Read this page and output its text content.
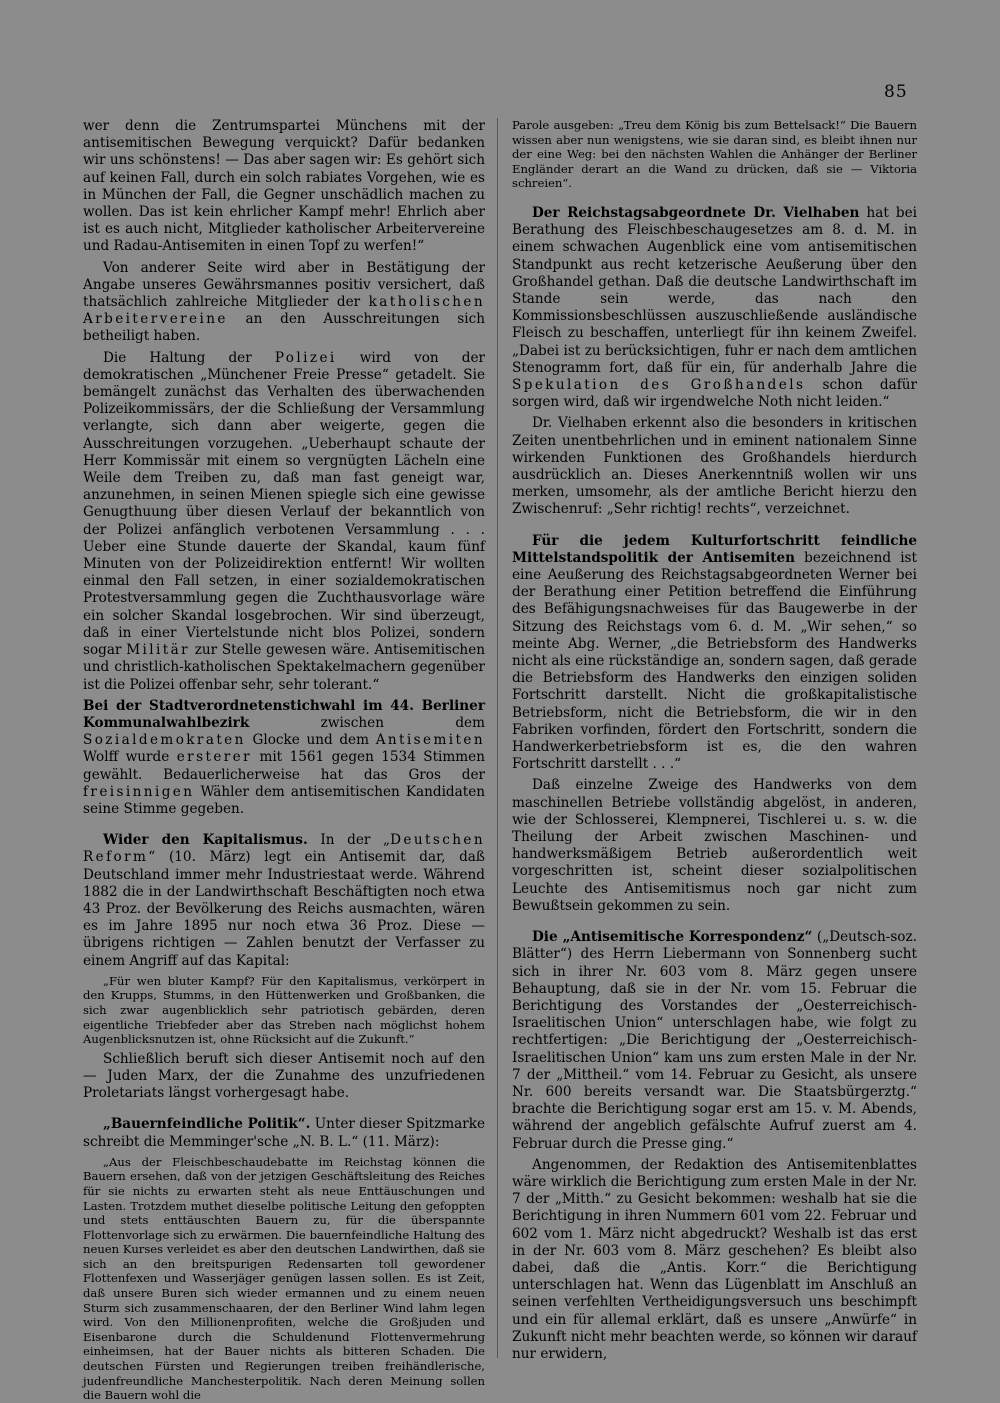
85

wer denn die Zentrumspartei Münchens mit der antisemitischen Bewegung verquickt? Dafür bedanken wir uns schönstens! — Das aber sagen wir: Es gehört sich auf keinen Fall, durch ein solch rabiates Vorgehen, wie es in München der Fall, die Gegner unschädlich machen zu wollen. Das ist kein ehrlicher Kampf mehr! Ehrlich aber ist es auch nicht, Mitglieder katholischer Arbeitervereine und Radau-Antisemiten in einen Topf zu werfen!“

Von anderer Seite wird aber in Bestätigung der Angabe unseres Gewährsmannes positiv versichert, daß thatsächlich zahlreiche Mitglieder der katholischen Arbeitervereine an den Ausschreitungen sich betheiligt haben.

Die Haltung der Polizei wird von der demokratischen „Münchener Freie Presse“ getadelt. Sie bemängelt zunächst das Verhalten des überwachenden Polizeikommissärs, der die Schließung der Versammlung verlangte, sich dann aber weigerte, gegen die Ausschreitungen vorzugehen. „Ueberhaupt schaute der Herr Kommissär mit einem so vergnügten Lächeln eine Weile dem Treiben zu, daß man fast geneigt war, anzunehmen, in seinen Mienen spiegle sich eine gewisse Genugthuung über diesen Verlauf der bekanntlich von der Polizei anfänglich verbotenen Versammlung . . . Ueber eine Stunde dauerte der Skandal, kaum fünf Minuten von der Polizeidirektion entfernt! Wir wollten einmal den Fall setzen, in einer sozialdemokratischen Protestversammlung gegen die Zuchthausvorlage wäre ein solcher Skandal losgebrochen. Wir sind überzeugt, daß in einer Viertelstunde nicht blos Polizei, sondern sogar Militär zur Stelle gewesen wäre. Antisemitischen und christlich-katholischen Spektakelmachern gegenüber ist die Polizei offenbar sehr, sehr tolerant.“

Bei der Stadtverordnetenstichwahl im 44. Berliner Kommunalwahlbezirk zwischen dem Sozialdemokraten Glocke und dem Antisemiten Wolff wurde ersterer mit 1561 gegen 1534 Stimmen gewählt. Bedauerlicherweise hat das Gros der freisinnigen Wähler dem antisemitischen Kandidaten seine Stimme gegeben.

Wider den Kapitalismus. In der „Deutschen Reform“ (10. März) legt ein Antisemit dar, daß Deutschland immer mehr Industriestaat werde. Während 1882 die in der Landwirthschaft Beschäftigten noch etwa 43 Proz. der Bevölkerung des Reichs ausmachten, wären es im Jahre 1895 nur noch etwa 36 Proz. Diese — übrigens richtigen — Zahlen benutzt der Verfasser zu einem Angriff auf das Kapital:

„Für wen bluter Kampf? Für den Kapitalismus, verkörpert in den Krupps, Stumms, in den Hüttenwerken und Großbanken, die sich zwar augenblicklich sehr patriotisch gebärden, deren eigentliche Triebfeder aber das Streben nach möglichst hohem Augenblicksnutzen ist, ohne Rücksicht auf die Zukunft.“

Schließlich beruft sich dieser Antisemit noch auf den — Juden Marx, der die Zunahme des unzufriedenen Proletariats längst vorhergesagt habe.

„Bauernfeindliche Politik“. Unter dieser Spitzmarke schreibt die Memminger'sche „N. B. L.“ (11. März):

„Aus der Fleischbeschaudebatte im Reichstag können die Bauern ersehen, daß von der jetzigen Geschäftsleitung des Reiches für sie nichts zu erwarten steht als neue Enttäuschungen und Lasten. Trotzdem muthet dieselbe politische Leitung den gefoppten und stets enttäuschten Bauern zu, für die überspannte Flottenvorlage sich zu erwärmen. Die bauernfeindliche Haltung des neuen Kurses verleidet es aber den deutschen Landwirthen, daß sie sich an den breitspurigen Redensarten toll gewordener Flottenfexen und Wasserjäger genügen lassen sollen. Es ist Zeit, daß unsere Buren sich wieder ermannen und zu einem neuen Sturm sich zusammenschaaren, der den Berliner Wind lahm legen wird. Von den Millionenprofiten, welche die Großjuden und Eisenbarone durch die Schuldenund Flottenvermehrung einheimsen, hat der Bauer nichts als bitteren Schaden. Die deutschen Fürsten und Regierungen treiben freihändlerische, judenfreundliche Manchesterpolitik. Nach deren Meinung sollen die Bauern wohl die

Parole ausgeben: „Treu dem König bis zum Bettelsack!“ Die Bauern wissen aber nun wenigstens, wie sie daran sind, es bleibt ihnen nur der eine Weg: bei den nächsten Wahlen die Anhänger der Berliner Engländer derart an die Wand zu drücken, daß sie — Viktoria schreien“.

Der Reichstagsabgeordnete Dr. Vielhaben hat bei Berathung des Fleischbeschaugesetzes am 8. d. M. in einem schwachen Augenblick eine vom antisemitischen Standpunkt aus recht ketzerische Aeußerung über den Großhandel gethan. Daß die deutsche Landwirthschaft im Stande sein werde, das nach den Kommissionsbeschlüssen auszuschließende ausländische Fleisch zu beschaffen, unterliegt für ihn keinem Zweifel. „Dabei ist zu berücksichtigen, fuhr er nach dem amtlichen Stenogramm fort, daß für ein, für anderhalb Jahre die Spekulation des Großhandels schon dafür sorgen wird, daß wir irgendwelche Noth nicht leiden.“

Dr. Vielhaben erkennt also die besonders in kritischen Zeiten unentbehrlichen und in eminent nationalem Sinne wirkenden Funktionen des Großhandels hierdurch ausdrücklich an. Dieses Anerkenntniß wollen wir uns merken, umsomehr, als der amtliche Bericht hierzu den Zwischenruf: „Sehr richtig! rechts“, verzeichnet.

Für die jedem Kulturfortschritt feindliche Mittelstandspolitik der Antisemiten bezeichnend ist eine Aeußerung des Reichstagsabgeordneten Werner bei der Berathung einer Petition betreffend die Einführung des Befähigungsnachweises für das Baugewerbe in der Sitzung des Reichstags vom 6. d. M. „Wir sehen,“ so meinte Abg. Werner, „die Betriebsform des Handwerks nicht als eine rückständige an, sondern sagen, daß gerade die Betriebsform des Handwerks den einzigen soliden Fortschritt darstellt. Nicht die großkapitalistische Betriebsform, nicht die Betriebsform, die wir in den Fabriken vorfinden, fördert den Fortschritt, sondern die Handwerkerbetriebsform ist es, die den wahren Fortschritt darstellt . . .“

Daß einzelne Zweige des Handwerks von dem maschinellen Betriebe vollständig abgelöst, in anderen, wie der Schlosserei, Klempnerei, Tischlerei u. s. w. die Theilung der Arbeit zwischen Maschinen- und handwerksmäßigem Betrieb außerordentlich weit vorgeschritten ist, scheint dieser sozialpolitischen Leuchte des Antisemitismus noch gar nicht zum Bewußtsein gekommen zu sein.

Die „Antisemitische Korrespondenz“ („Deutsch-soz. Blätter“) des Herrn Liebermann von Sonnenberg sucht sich in ihrer Nr. 603 vom 8. März gegen unsere Behauptung, daß sie in der Nr. vom 15. Februar die Berichtigung des Vorstandes der „Oesterreichisch-Israelitischen Union“ unterschlagen habe, wie folgt zu rechtfertigen: „Die Berichtigung der „Oesterreichisch-Israelitischen Union“ kam uns zum ersten Male in der Nr. 7 der „Mittheil.“ vom 14. Februar zu Gesicht, als unsere Nr. 600 bereits versandt war. Die Staatsbürgerztg.“ brachte die Berichtigung sogar erst am 15. v. M. Abends, während der angeblich gefälschte Aufruf zuerst am 4. Februar durch die Presse ging.“

Angenommen, der Redaktion des Antisemitenblattes wäre wirklich die Berichtigung zum ersten Male in der Nr. 7 der „Mitth.“ zu Gesicht bekommen: weshalb hat sie die Berichtigung in ihren Nummern 601 vom 22. Februar und 602 vom 1. März nicht abgedruckt? Weshalb ist das erst in der Nr. 603 vom 8. März geschehen? Es bleibt also dabei, daß die „Antis. Korr.“ die Berichtigung unterschlagen hat. Wenn das Lügenblatt im Anschluß an seinen verfehlten Vertheidigungsversuch uns beschimpft und ein für allemal erklärt, daß es unsere „Anwürfe“ in Zukunft nicht mehr beachten werde, so können wir darauf nur erwidern,
